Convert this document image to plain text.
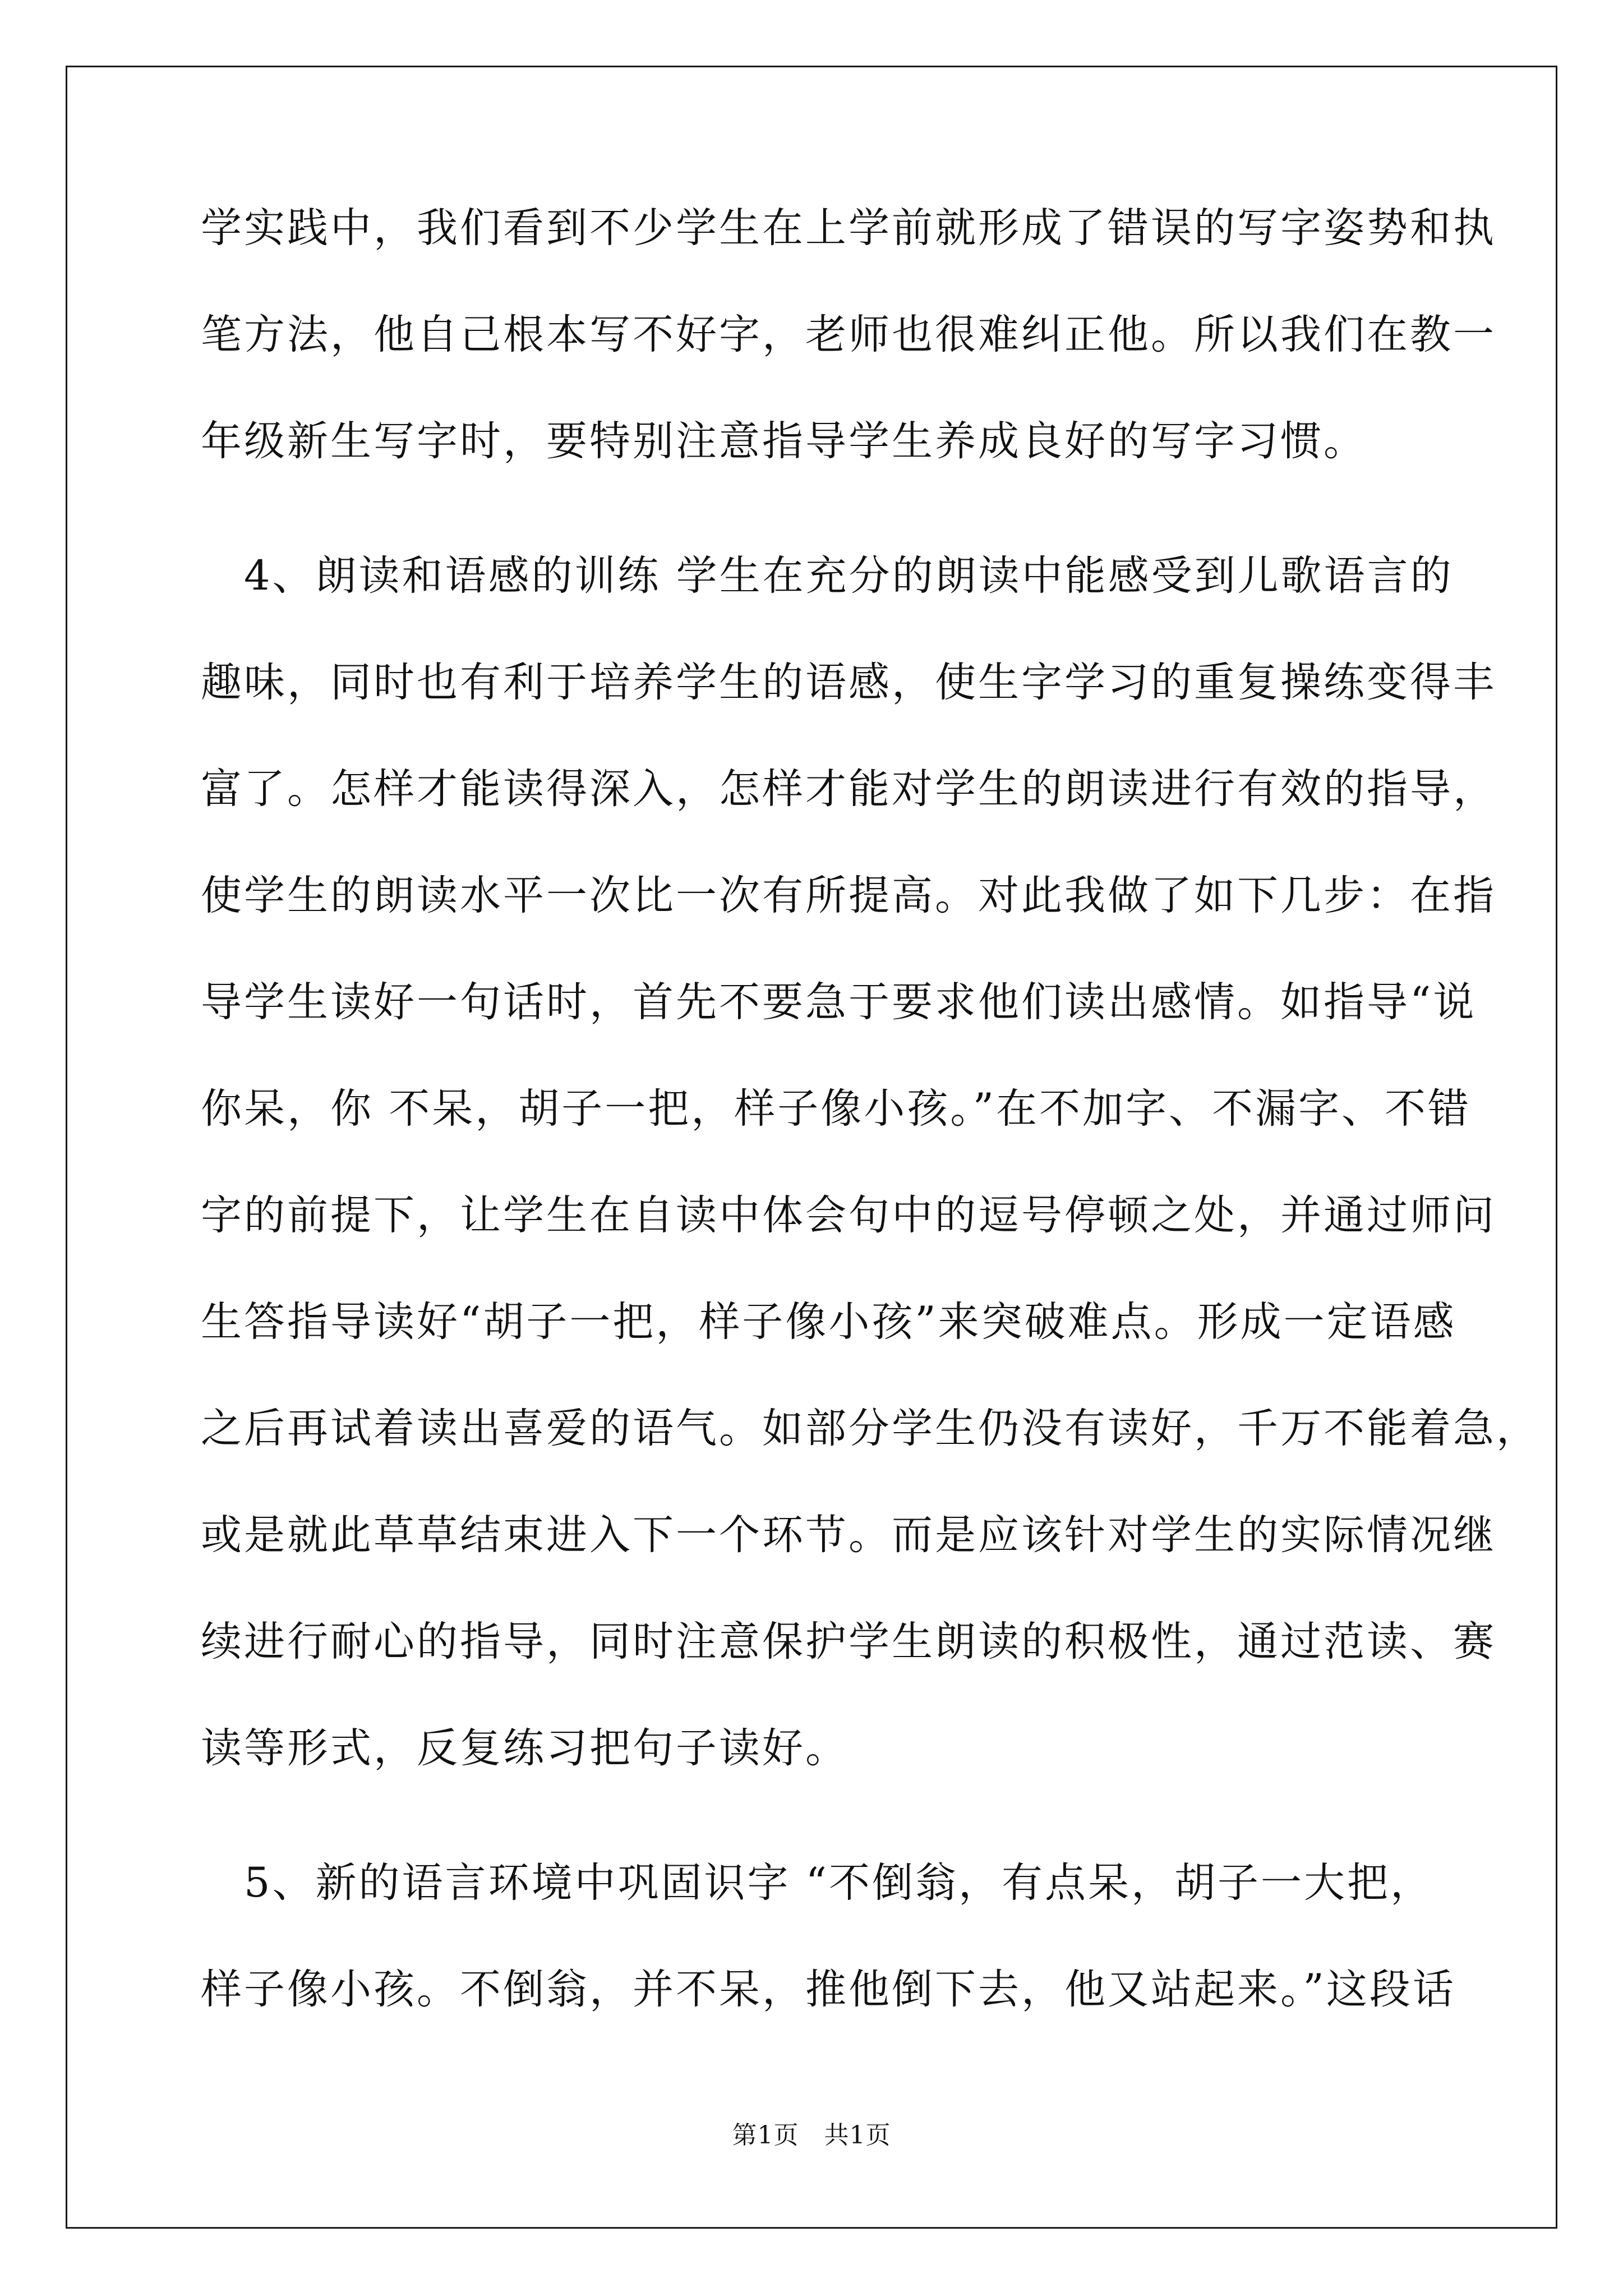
学实践中，我们看到不少学生在上学前就形成了错误的写字姿势和执
笔方法，他自己根本写不好字，老师也很难纠正他。所以我们在教一
年级新生写字时，要特别注意指导学生养成良好的写字习惯。
　4、朗读和语感的训练 学生在充分的朗读中能感受到儿歌语言的
趣味，同时也有利于培养学生的语感，使生字学习的重复操练变得丰
富了。怎样才能读得深入，怎样才能对学生的朗读进行有效的指导，
使学生的朗读水平一次比一次有所提高。对此我做了如下几步：在指
导学生读好一句话时，首先不要急于要求他们读出感情。如指导“说
你呆，你 不呆，胡子一把，样子像小孩。”在不加字、不漏字、不错
字的前提下，让学生在自读中体会句中的逗号停顿之处，并通过师问
生答指导读好“胡子一把，样子像小孩”来突破难点。形成一定语感
之后再试着读出喜爱的语气。如部分学生仍没有读好，千万不能着急，
或是就此草草结束进入下一个环节。而是应该针对学生的实际情况继
续进行耐心的指导，同时注意保护学生朗读的积极性，通过范读、赛
读等形式，反复练习把句子读好。
　5、新的语言环境中巩固识字 “不倒翁，有点呆，胡子一大把，
样子像小孩。不倒翁，并不呆，推他倒下去，他又站起来。”这段话
第1页　共1页
